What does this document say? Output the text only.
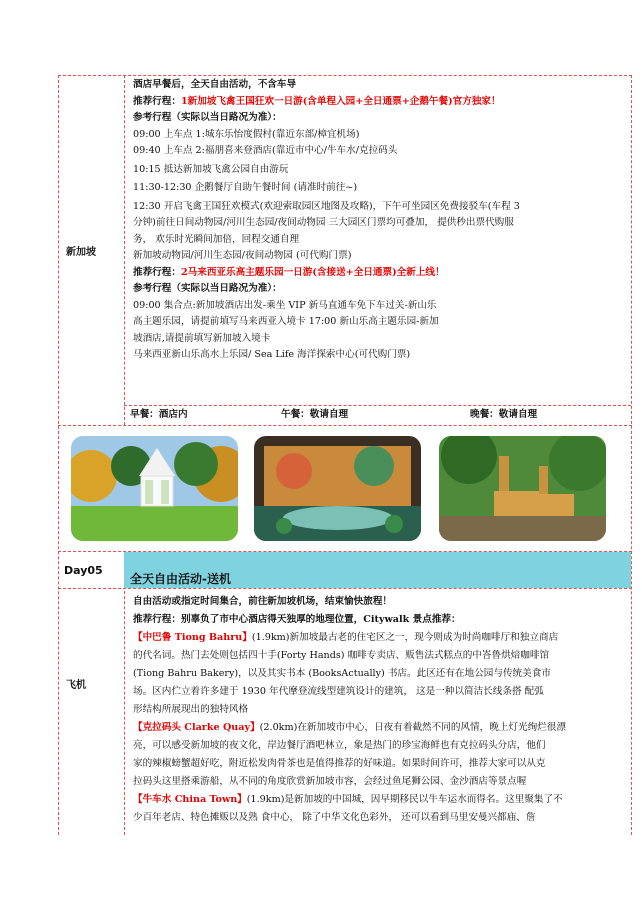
新加坡

酒店早餐后，全天自由活动，不含车导

推荐行程：1新加坡飞禽王国狂欢一日游(含单程入园+全日通票+企鹅午餐)官方独家！

参考行程（实际以当日路况为准）：

09:00 上车点 1:城东乐怡度假村(靠近东部/樟宜机场)

09:40 上车点 2:福朋喜来登酒店(靠近市中心/牛车水/克拉码头

10:15 抵达新加坡飞禽公园自由游玩

11:30-12:30 企鹅餐厅自助午餐时间 (请准时前往~)

12:30 开启飞禽王国狂欢模式(欢迎索取园区地图及攻略)，下午可坐园区免费接驳车(车程 3

分钟)前往日间动物园/河川生态园/夜间动物园 三大园区门票均可叠加， 提供秒出票代购服

务， 欢乐时光瞬间加倍，回程交通自理

新加坡动物园/河川生态园/夜间动物园 (可代购门票)

推荐行程：2马来西亚乐高主题乐园一日游(含接送+全日通票)全新上线！

参考行程（实际以当日路况为准）：

09:00 集合点:新加坡酒店出发-乘坐 VIP 新马直通车免下车过关-新山乐

高主题乐园，请提前填写马来西亚入境卡 17:00 新山乐高主题乐园-新加

坡酒店,请提前填写新加坡入境卡

马来西亚新山乐高水上乐园/ Sea Life 海洋探索中心(可代购门票)

早餐：酒店内	午餐：敬请自理	晚餐：敬请自理
Day05
全天自由活动-送机
飞机

自由活动或指定时间集合，前往新加坡机场，结束愉快旅程！

推荐行程：别辜负了市中心酒店得天独厚的地理位置，Citywalk 景点推荐：

【中巴鲁 Tiong Bahru】(1.9km)新加坡最古老的住宅区之一，现今则成为时尚咖啡厅和独立商店

的代名词。热门去处则包括四十手(Forty Hands) 咖啡专卖店、贩售法式糕点的中峇鲁烘焙咖啡馆

(Tiong Bahru Bakery)，以及其实书本 (BooksActually) 书店。此区还有在地公园与传统美食市

场。区内伫立着许多建于 1930 年代摩登流线型建筑设计的建筑， 这是一种以简洁长线条搭 配弧

形结构所展现出的独特风格

【克拉码头 Clarke Quay】(2.0km)在新加坡市中心，日夜有着截然不同的风情，晚上灯光绚烂很漂

亮，可以感受新加坡的夜文化，岸边餐厅酒吧林立，象是热门的珍宝海鲜也有克拉码头分店，他们

家的辣椒螃蟹超好吃，附近松发肉骨茶也是值得推荐的好味道。如果时间许可，推荐大家可以从克

拉码头这里搭乘游船，从不同的角度欣赏新加坡市容，会经过鱼尾狮公园、金沙酒店等景点喔

【牛车水 China Town】(1.9km)是新加坡的中国城，因早期移民以牛车运水而得名。这里聚集了不

少百年老店、特色摊贩以及熟 食中心， 除了中华文化色彩外， 还可以看到马里安曼兴都庙、詹
